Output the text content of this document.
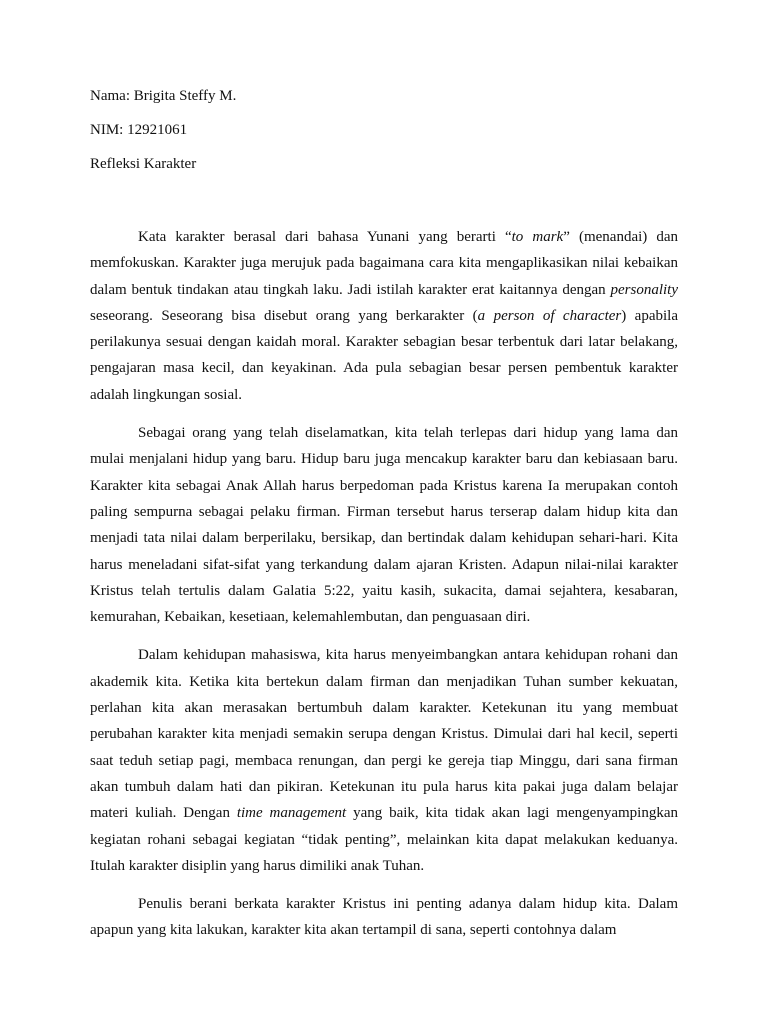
Nama: Brigita Steffy M.

NIM: 12921061

Refleksi Karakter

Kata karakter berasal dari bahasa Yunani yang berarti “to mark” (menandai) dan memfokuskan. Karakter juga merujuk pada bagaimana cara kita mengaplikasikan nilai kebaikan dalam bentuk tindakan atau tingkah laku. Jadi istilah karakter erat kaitannya dengan personality seseorang. Seseorang bisa disebut orang yang berkarakter (a person of character) apabila perilakunya sesuai dengan kaidah moral. Karakter sebagian besar terbentuk dari latar belakang, pengajaran masa kecil, dan keyakinan. Ada pula sebagian besar persen pembentuk karakter adalah lingkungan sosial.

Sebagai orang yang telah diselamatkan, kita telah terlepas dari hidup yang lama dan mulai menjalani hidup yang baru. Hidup baru juga mencakup karakter baru dan kebiasaan baru. Karakter kita sebagai Anak Allah harus berpedoman pada Kristus karena Ia merupakan contoh paling sempurna sebagai pelaku firman. Firman tersebut harus terserap dalam hidup kita dan menjadi tata nilai dalam berperilaku, bersikap, dan bertindak dalam kehidupan sehari-hari. Kita harus meneladani sifat-sifat yang terkandung dalam ajaran Kristen. Adapun nilai-nilai karakter Kristus telah tertulis dalam Galatia 5:22, yaitu kasih, sukacita, damai sejahtera, kesabaran, kemurahan, Kebaikan, kesetiaan, kelemahlembutan, dan penguasaan diri.

Dalam kehidupan mahasiswa, kita harus menyeimbangkan antara kehidupan rohani dan akademik kita. Ketika kita bertekun dalam firman dan menjadikan Tuhan sumber kekuatan, perlahan kita akan merasakan bertumbuh dalam karakter. Ketekunan itu yang membuat perubahan karakter kita menjadi semakin serupa dengan Kristus. Dimulai dari hal kecil, seperti saat teduh setiap pagi, membaca renungan, dan pergi ke gereja tiap Minggu, dari sana firman akan tumbuh dalam hati dan pikiran. Ketekunan itu pula harus kita pakai juga dalam belajar materi kuliah. Dengan time management yang baik, kita tidak akan lagi mengenyampingkan kegiatan rohani sebagai kegiatan “tidak penting”, melainkan kita dapat melakukan keduanya. Itulah karakter disiplin yang harus dimiliki anak Tuhan.

Penulis berani berkata karakter Kristus ini penting adanya dalam hidup kita. Dalam apapun yang kita lakukan, karakter kita akan tertampil di sana, seperti contohnya dalam
